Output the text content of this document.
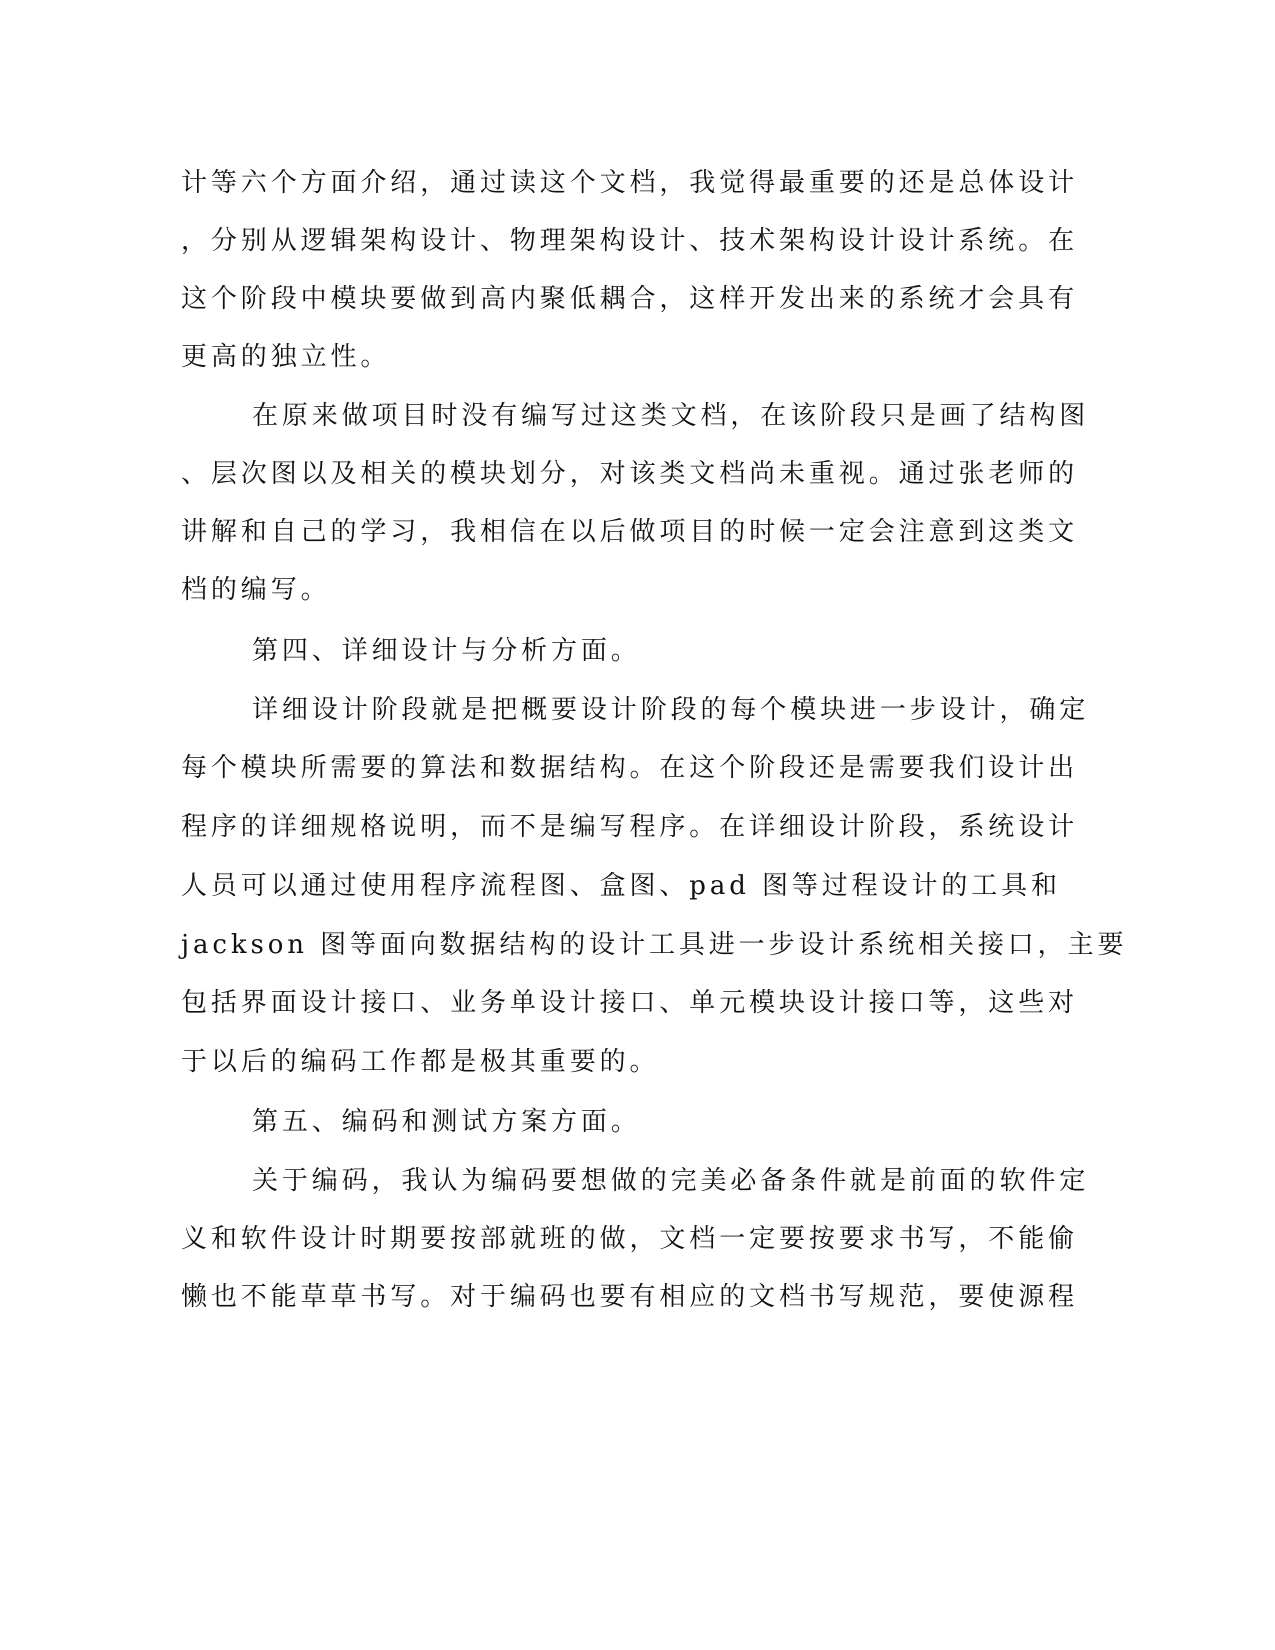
计等六个方面介绍，通过读这个文档，我觉得最重要的还是总体设计
，分别从逻辑架构设计、物理架构设计、技术架构设计设计系统。在
这个阶段中模块要做到高内聚低耦合，这样开发出来的系统才会具有
更高的独立性。
在原来做项目时没有编写过这类文档，在该阶段只是画了结构图
、层次图以及相关的模块划分，对该类文档尚未重视。通过张老师的
讲解和自己的学习，我相信在以后做项目的时候一定会注意到这类文
档的编写。
第四、详细设计与分析方面。
详细设计阶段就是把概要设计阶段的每个模块进一步设计，确定
每个模块所需要的算法和数据结构。在这个阶段还是需要我们设计出
程序的详细规格说明，而不是编写程序。在详细设计阶段，系统设计
人员可以通过使用程序流程图、盒图、pad 图等过程设计的工具和
jackson 图等面向数据结构的设计工具进一步设计系统相关接口，主要
包括界面设计接口、业务单设计接口、单元模块设计接口等，这些对
于以后的编码工作都是极其重要的。
第五、编码和测试方案方面。
关于编码，我认为编码要想做的完美必备条件就是前面的软件定
义和软件设计时期要按部就班的做，文档一定要按要求书写，不能偷
懒也不能草草书写。对于编码也要有相应的文档书写规范，要使源程
